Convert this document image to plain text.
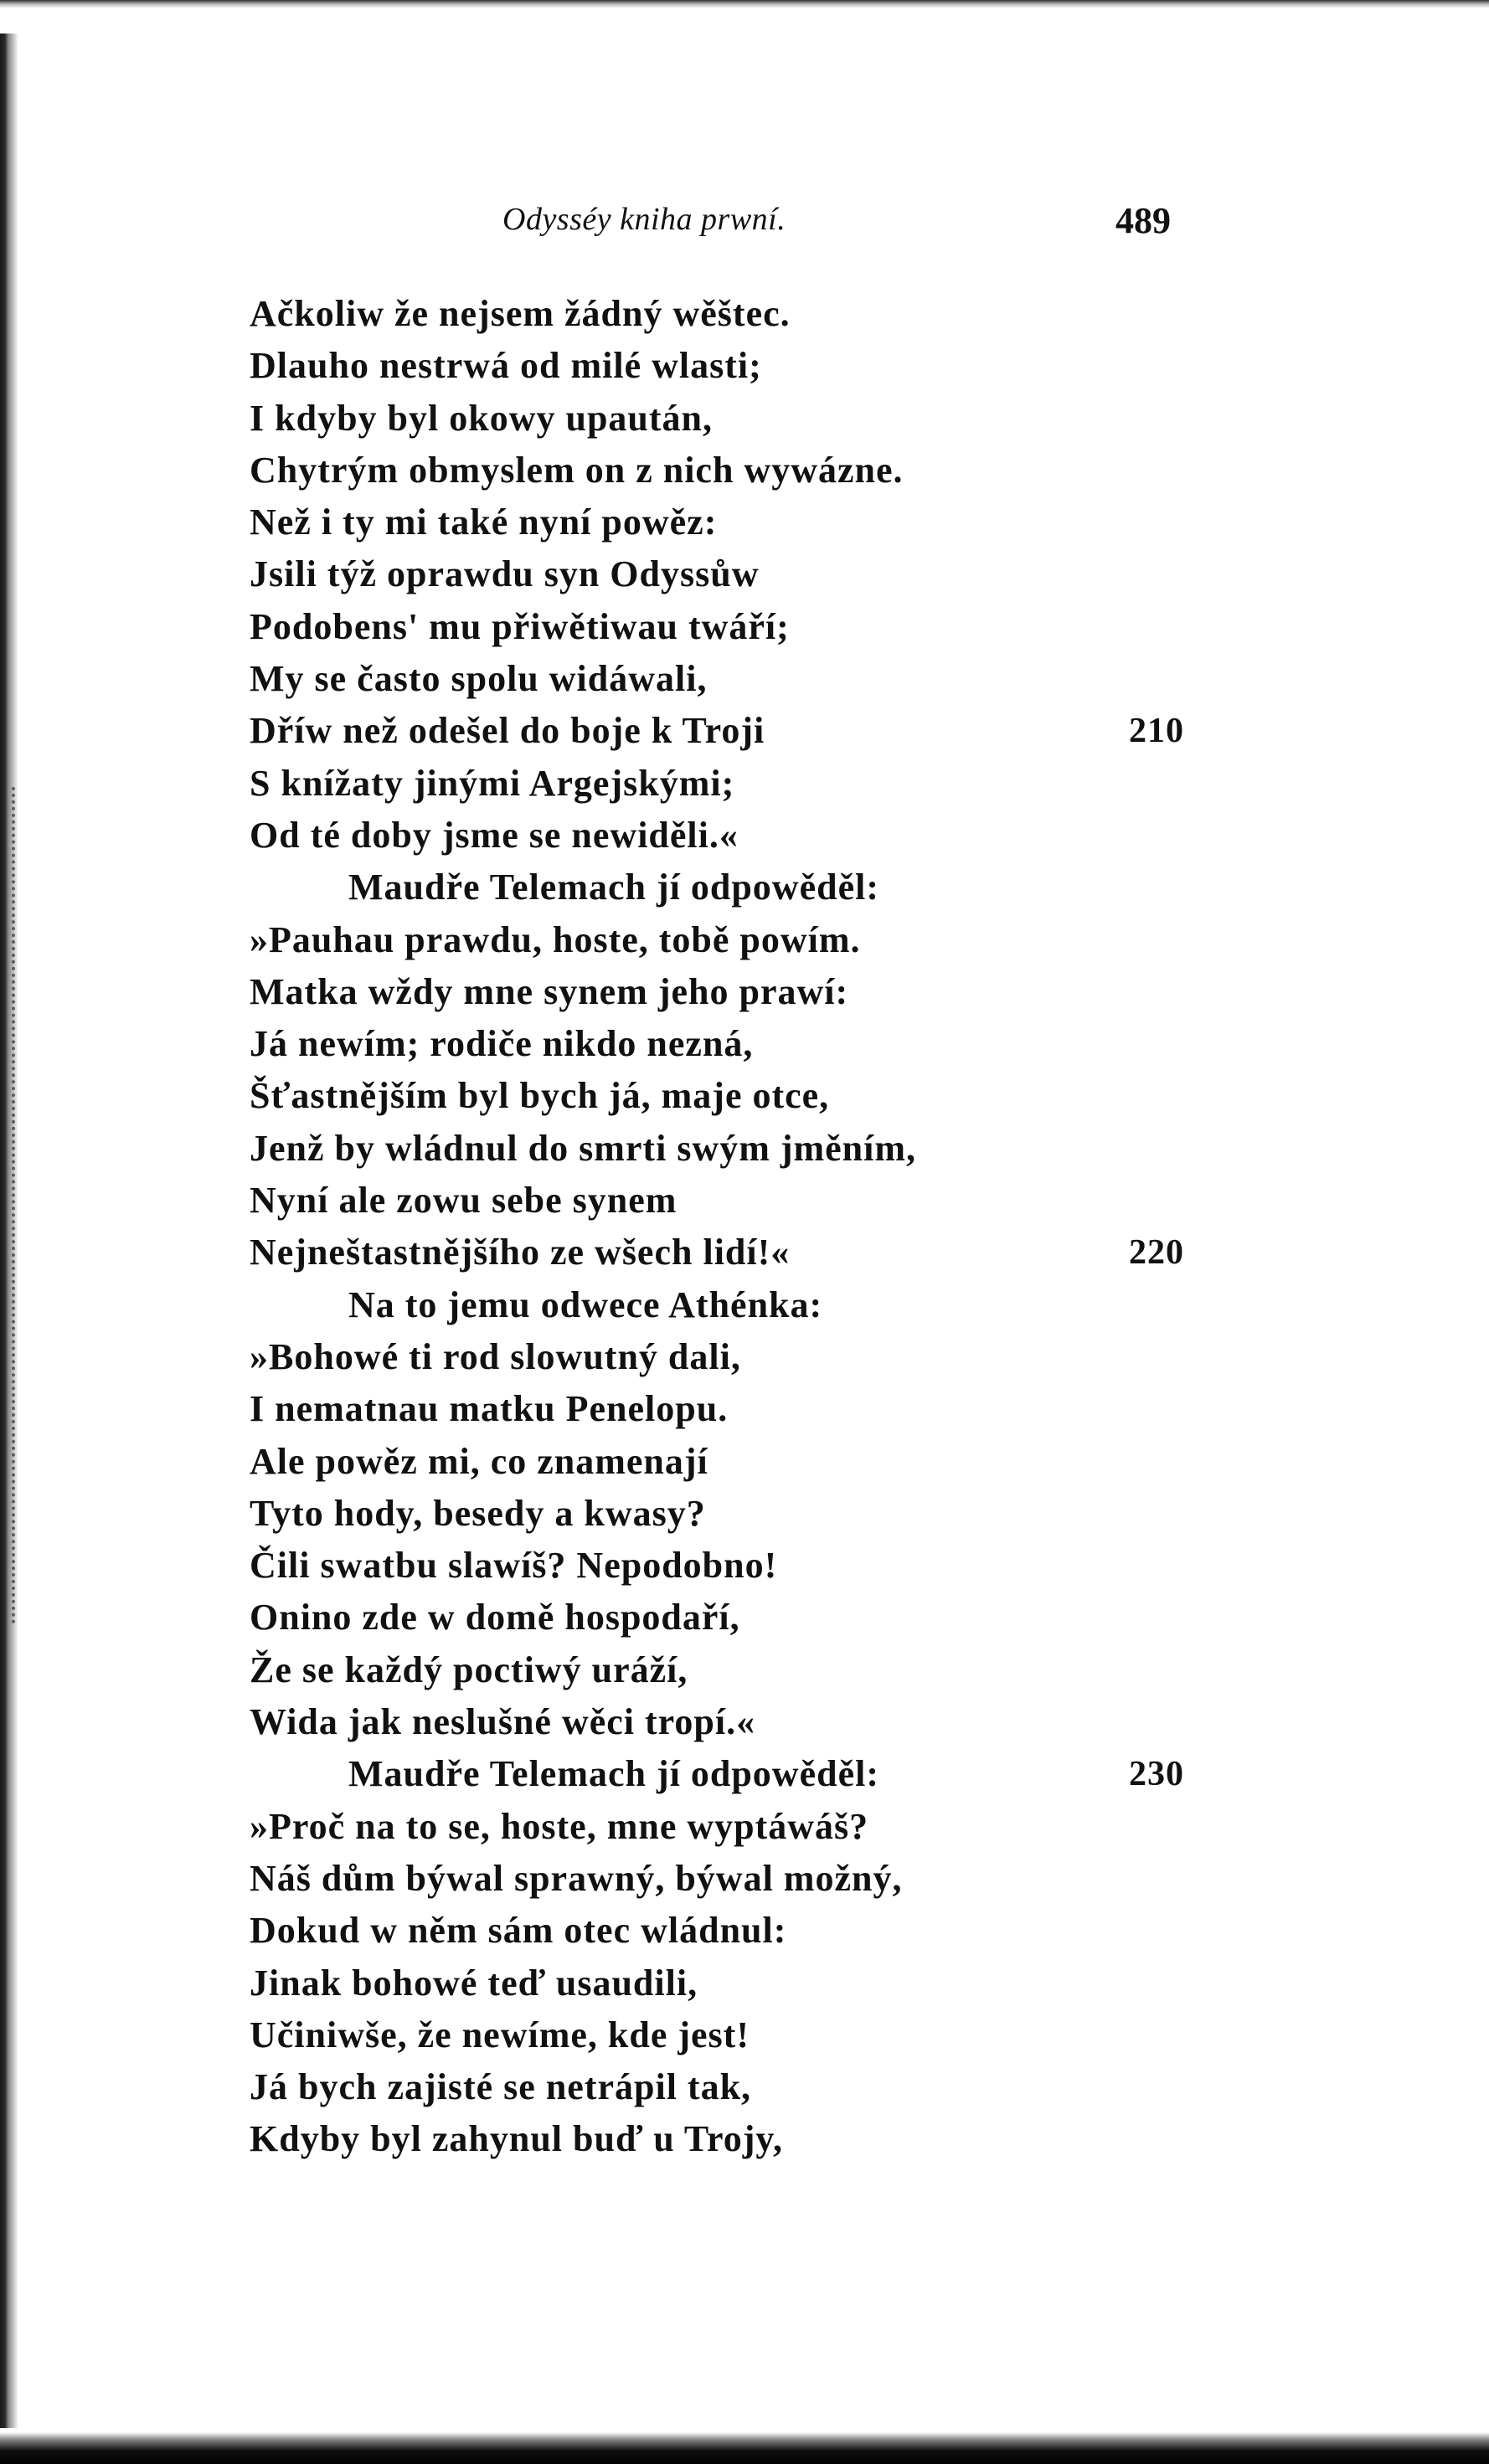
Odysséy kniha prwní.	489
Ačkoliw že nejsem žádný wěštec.
Dlauho nestrwá od milé wlasti;
I kdyby byl okowy upaután,
Chytrým obmyslem on z nich wywázne.
Než i ty mi také nyní powěz:
Jsili týž oprawdu syn Odyssůw
Podobens' mu přiwětiwau twáří;
My se často spolu widáwali,
Dříw než odešel do boje k Troji	210
S knížaty jinými Argejskými;
Od té doby jsme se newiděli.«
Maudře Telemach jí odpowěděl:
»Pauhau prawdu, hoste, tobě powím.
Matka wždy mne synem jeho prawí:
Já newím; rodiče nikdo nezná,
Šťastnějším byl bych já, maje otce,
Jenž by wládnul do smrti swým jměním,
Nyní ale zowu sebe synem
Nejneštastnějšího ze wšech lidí!«	220
Na to jemu odwece Athénka:
»Bohowé ti rod slowutný dali,
I nematnau matku Penelopu.
Ale powěz mi, co znamenají
Tyto hody, besedy a kwasy?
Čili swatbu slawíš? Nepodobno!
Onino zde w domě hospodaří,
Že se každý poctiwý uráží,
Wida jak neslušné wěci tropí.«
Maudře Telemach jí odpowěděl:	230
»Proč na to se, hoste, mne wyptáwáš?
Náš dům býwal sprawný, býwal možný,
Dokud w něm sám otec wládnul:
Jinak bohowé teď usaudili,
Učiniwše, že newíme, kde jest!
Já bych zajisté se netrápil tak,
Kdyby byl zahynul buď u Trojy,
